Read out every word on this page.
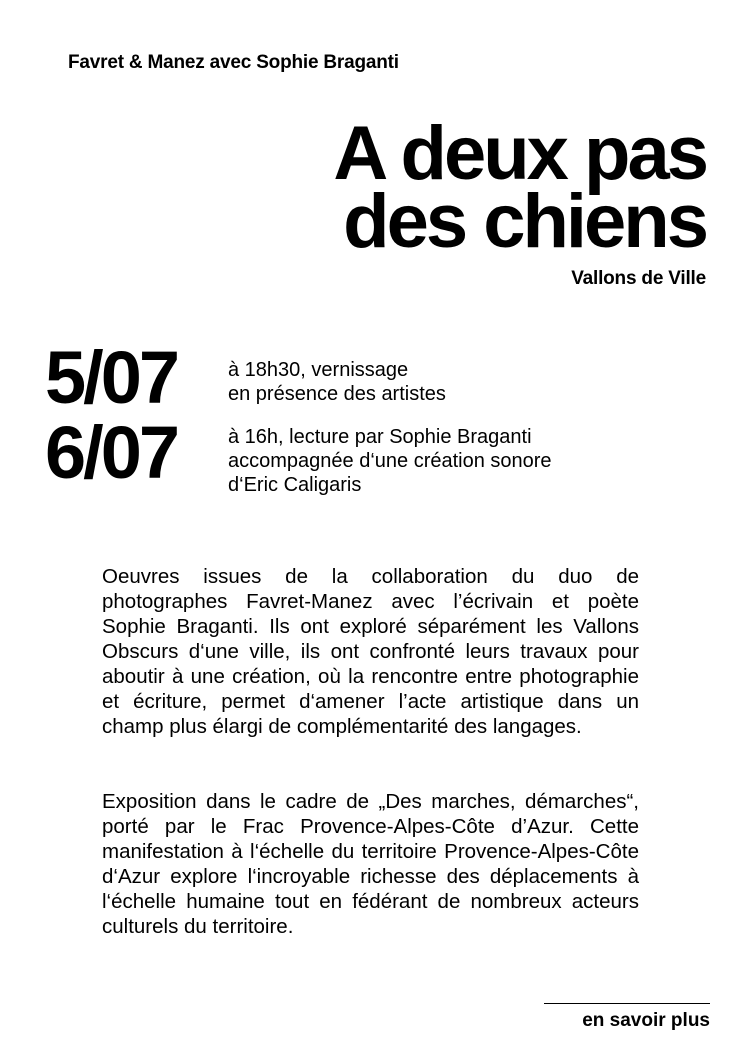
Favret & Manez avec Sophie Braganti
A deux pas
des chiens
Vallons de Ville
5/07	à 18h30, vernissage
en présence des artistes
6/07	à 16h, lecture par Sophie Braganti
accompagnée d‘une création sonore
d‘Eric Caligaris

Oeuvres issues de la collaboration du duo de photographes Favret-Manez avec l’écrivain et poète Sophie Braganti. Ils ont exploré séparément les Vallons Obscurs d‘une ville, ils ont confronté leurs travaux pour aboutir à une création, où la rencontre entre photographie et écriture, permet d‘amener l’acte artistique dans un champ plus élargi de complémentarité des langages.

Exposition dans le cadre de „Des marches, démarches“, porté par le Frac Provence-Alpes-Côte d’Azur. Cette manifestation à l‘échelle du territoire Provence-Alpes-Côte d‘Azur explore l‘incroyable richesse des déplacements à l‘échelle humaine tout en fédérant de nombreux acteurs culturels du territoire.

en savoir plus
